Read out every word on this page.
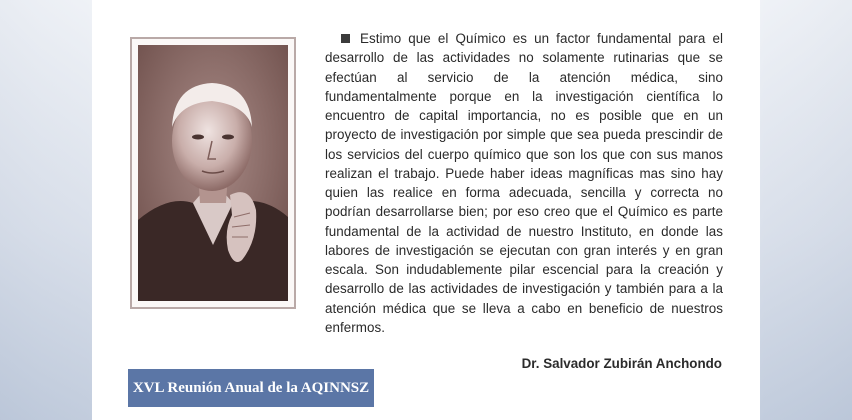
Estimo que el Químico es un factor fundamental para el desarrollo de las actividades no solamente rutinarias que se efectúan al servicio de la atención médica, sino fundamentalmente porque en la investigación científica lo encuentro de capital importancia, no es posible que en un proyecto de investigación por simple que sea pueda prescindir de los servicios del cuerpo químico que son los que con sus manos realizan el trabajo. Puede haber ideas magníficas mas sino hay quien las realice en forma adecuada, sencilla y correcta no podrían desarrollarse bien; por eso creo que el Químico es parte fundamental de la actividad de nuestro Instituto, en donde las labores de investigación se ejecutan con gran interés y en gran escala. Son indudablemente pilar escencial para la creación y desarrollo de las actividades de investigación y también para a la atención médica que se lleva a cabo en beneficio de nuestros enfermos.
Dr. Salvador Zubirán Anchondo
XVL Reunión Anual de la AQINNSZ
